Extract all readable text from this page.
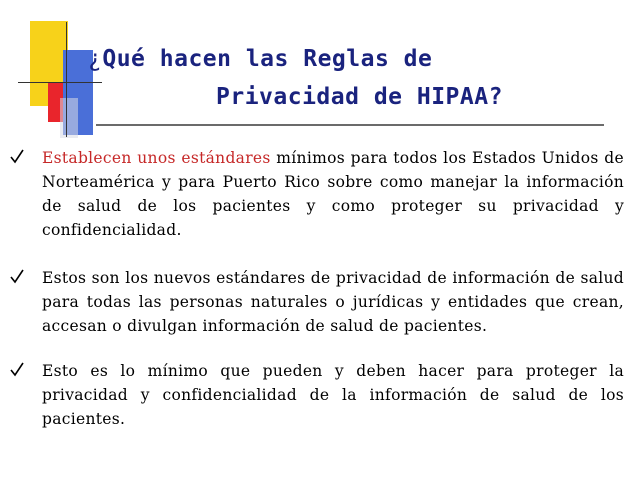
¿Qué hacen las Reglas de
Privacidad de HIPAA?

Establecen unos estándares mínimos para todos los Estados Unidos de Norteamérica y para Puerto Rico sobre como manejar la información de salud de los pacientes y como proteger su privacidad y confidencialidad.

Estos son los nuevos estándares de privacidad de información de salud para todas las personas naturales o jurídicas y entidades que crean, accesan o divulgan información de salud de pacientes.

Esto es lo mínimo que pueden y deben hacer para proteger la privacidad y confidencialidad de la información de salud de los pacientes.
